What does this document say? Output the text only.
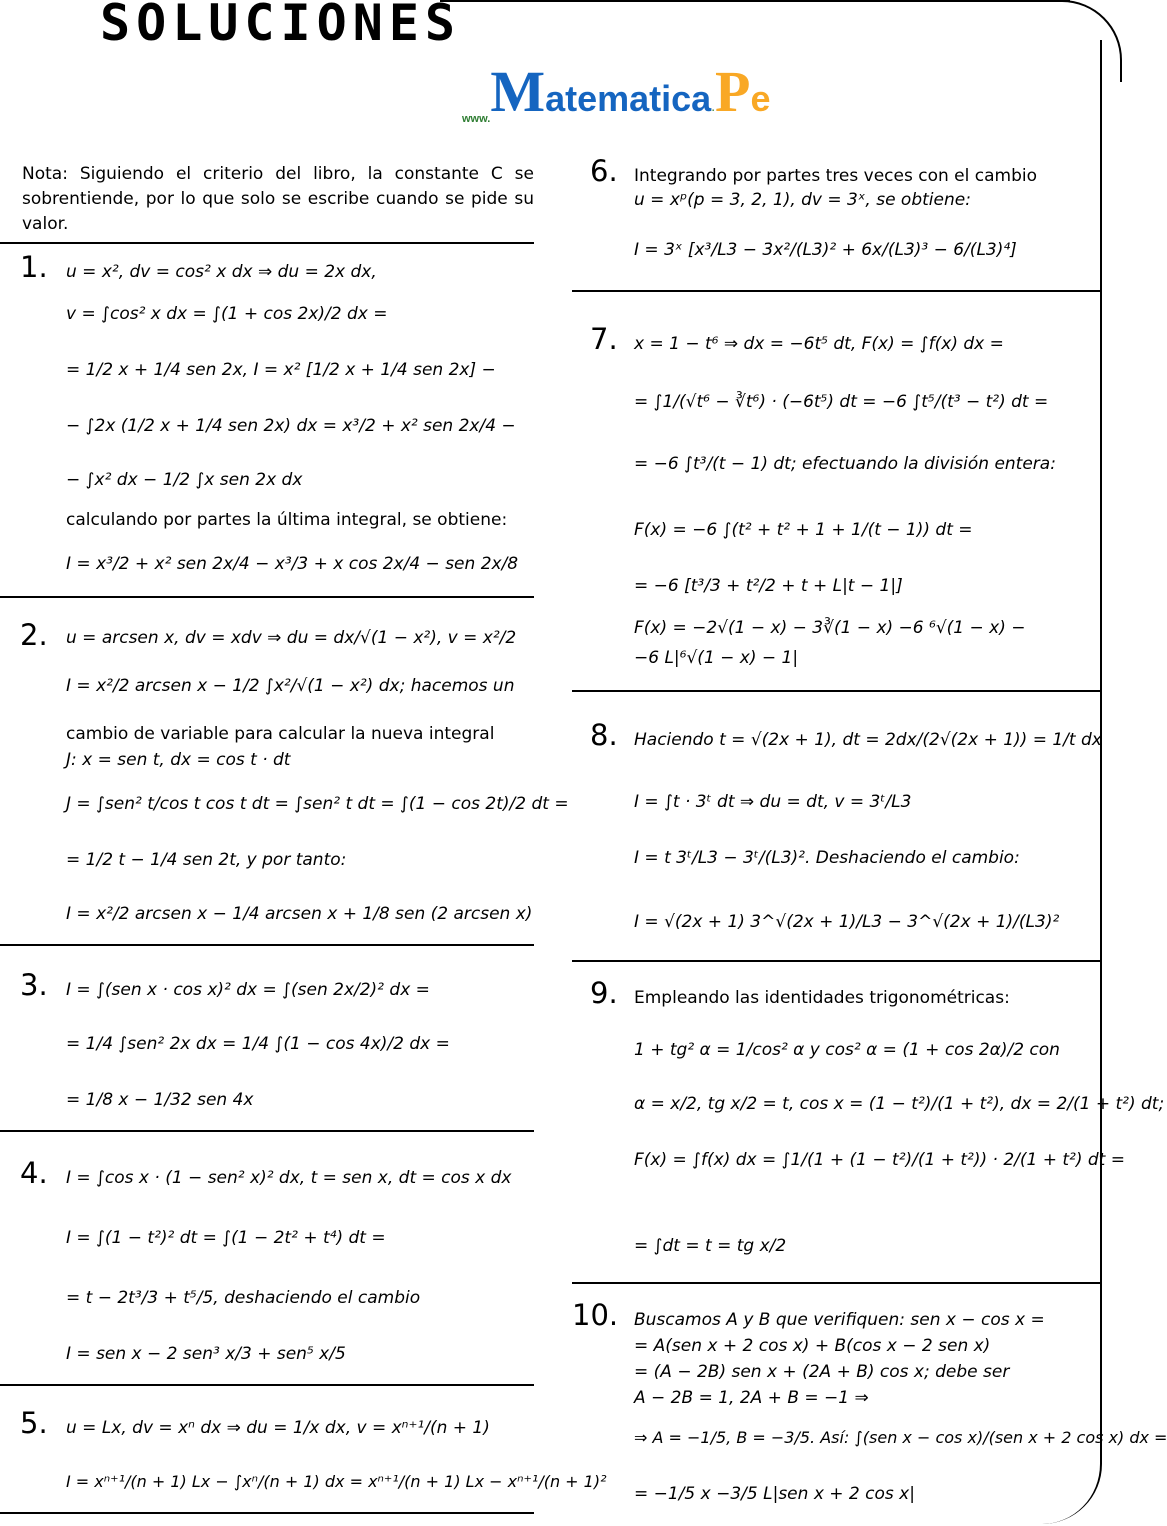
SOLUCIONES
www.Matematica.Pe
Nota: Siguiendo el criterio del libro, la constante C se sobrentiende, por lo que solo se escribe cuando se pide su valor.
1. u = x², dv = cos² x dx ⇒ du = 2x dx,
v = ∫cos² x dx = ∫(1 + cos 2x)/2 dx =
= 1/2 x + 1/4 sen 2x, I = x² [1/2 x + 1/4 sen 2x] −
− ∫2x (1/2 x + 1/4 sen 2x) dx = x³/2 + x² sen 2x/4 −
− ∫x² dx − 1/2 ∫x sen 2x dx
calculando por partes la última integral, se obtiene:
I = x³/2 + x² sen 2x/4 − x³/3 + x cos 2x/4 − sen 2x/8
2. u = arcsen x, dv = xdv ⇒ du = dx/√(1 − x²), v = x²/2
I = x²/2 arcsen x − 1/2 ∫x²/√(1 − x²) dx; hacemos un
cambio de variable para calcular la nueva integral
J: x = sen t, dx = cos t · dt
J = ∫sen² t/cos t cos t dt = ∫sen² t dt = ∫(1 − cos 2t)/2 dt =
= 1/2 t − 1/4 sen 2t, y por tanto:
I = x²/2 arcsen x − 1/4 arcsen x + 1/8 sen (2 arcsen x)
3. I = ∫(sen x · cos x)² dx = ∫(sen 2x/2)² dx =
= 1/4 ∫sen² 2x dx = 1/4 ∫(1 − cos 4x)/2 dx =
= 1/8 x − 1/32 sen 4x
4. I = ∫cos x · (1 − sen² x)² dx, t = sen x, dt = cos x dx
I = ∫(1 − t²)² dt = ∫(1 − 2t² + t⁴) dt =
= t − 2t³/3 + t⁵/5, deshaciendo el cambio
I = sen x − 2 sen³ x/3 + sen⁵ x/5
5. u = Lx, dv = xⁿ dx ⇒ du = 1/x dx, v = xⁿ⁺¹/(n + 1)
I = xⁿ⁺¹/(n + 1) Lx − ∫xⁿ/(n + 1) dx = xⁿ⁺¹/(n + 1) Lx − xⁿ⁺¹/(n + 1)²
6. Integrando por partes tres veces con el cambio
u = xᵖ(p = 3, 2, 1), dv = 3ˣ, se obtiene:
I = 3ˣ [x³/L3 − 3x²/(L3)² + 6x/(L3)³ − 6/(L3)⁴]
7. x = 1 − t⁶ ⇒ dx = −6t⁵ dt, F(x) = ∫f(x) dx =
= ∫1/(√t⁶ − ∛t⁶) · (−6t⁵) dt = −6 ∫t⁵/(t³ − t²) dt =
= −6 ∫t³/(t − 1) dt; efectuando la división entera:
F(x) = −6 ∫(t² + t² + 1 + 1/(t − 1)) dt =
= −6 [t³/3 + t²/2 + t + L|t − 1|]
F(x) = −2√(1 − x) − 3∛(1 − x) −6 ⁶√(1 − x) −
−6 L|⁶√(1 − x) − 1|
8. Haciendo t = √(2x + 1), dt = 2dx/(2√(2x + 1)) = 1/t dx
I = ∫t · 3ᵗ dt ⇒ du = dt, v = 3ᵗ/L3
I = t 3ᵗ/L3 − 3ᵗ/(L3)². Deshaciendo el cambio:
I = √(2x + 1) 3^√(2x + 1)/L3 − 3^√(2x + 1)/(L3)²
9. Empleando las identidades trigonométricas:
1 + tg² α = 1/cos² α y cos² α = (1 + cos 2α)/2 con
α = x/2, tg x/2 = t, cos x = (1 − t²)/(1 + t²), dx = 2/(1 + t²) dt;
F(x) = ∫f(x) dx = ∫1/(1 + (1 − t²)/(1 + t²)) · 2/(1 + t²) dt =
= ∫dt = t = tg x/2
10. Buscamos A y B que verifiquen: sen x − cos x =
= A(sen x + 2 cos x) + B(cos x − 2 sen x)
= (A − 2B) sen x + (2A + B) cos x; debe ser
A − 2B = 1, 2A + B = −1 ⇒
⇒ A = −1/5, B = −3/5. Así: ∫(sen x − cos x)/(sen x + 2 cos x) dx =
= −1/5 x −3/5 L|sen x + 2 cos x|
